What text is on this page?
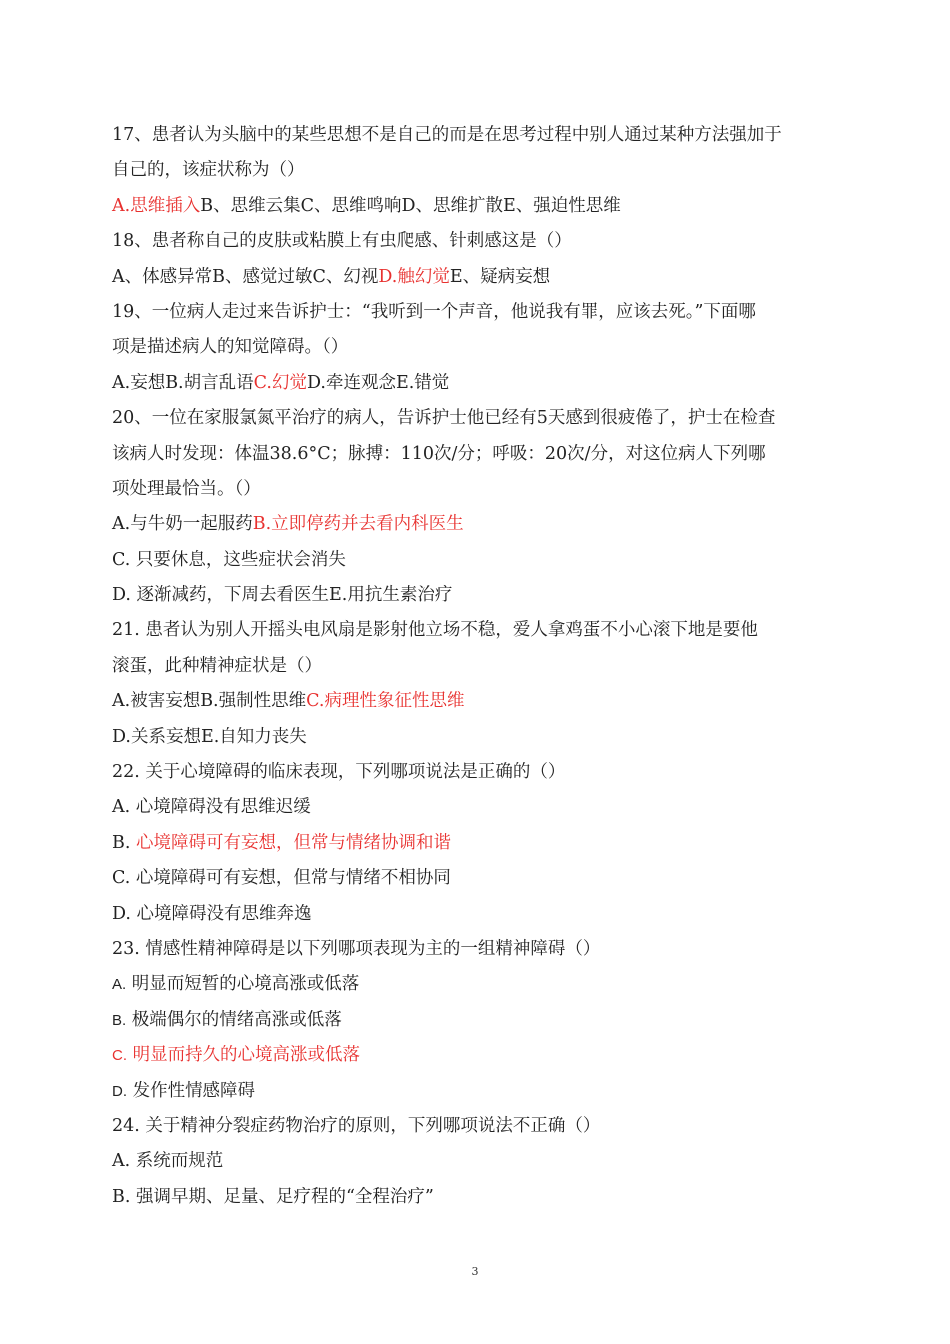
17、患者认为头脑中的某些思想不是自己的而是在思考过程中别人通过某种方法强加于
自己的，该症状称为（）
A.思维插入B、思维云集C、思维鸣响D、思维扩散E、强迫性思维
18、患者称自己的皮肤或粘膜上有虫爬感、针刺感这是（）
A、体感异常B、感觉过敏C、幻视D.触幻觉E、疑病妄想
19、一位病人走过来告诉护士：“我听到一个声音，他说我有罪，应该去死。”下面哪
项是描述病人的知觉障碍。（）
A.妄想B.胡言乱语C.幻觉D.牵连观念E.错觉
20、一位在家服氯氮平治疗的病人，告诉护士他已经有5天感到很疲倦了，护士在检查
该病人时发现：体温38.6°C；脉搏：110次/分；呼吸：20次/分，对这位病人下列哪
项处理最恰当。（）
A.与牛奶一起服药B.立即停药并去看内科医生
C. 只要休息，这些症状会消失
D. 逐渐减药，下周去看医生E.用抗生素治疗
21. 患者认为别人开摇头电风扇是影射他立场不稳，爱人拿鸡蛋不小心滚下地是要他
滚蛋，此种精神症状是（）
A.被害妄想B.强制性思维C.病理性象征性思维
D.关系妄想E.自知力丧失
22. 关于心境障碍的临床表现，下列哪项说法是正确的（）
A. 心境障碍没有思维迟缓
B. 心境障碍可有妄想，但常与情绪协调和谐
C. 心境障碍可有妄想，但常与情绪不相协同
D. 心境障碍没有思维奔逸
23. 情感性精神障碍是以下列哪项表现为主的一组精神障碍（）
A. 明显而短暂的心境高涨或低落
B. 极端偶尔的情绪高涨或低落
C. 明显而持久的心境高涨或低落
D. 发作性情感障碍
24. 关于精神分裂症药物治疗的原则，下列哪项说法不正确（）
A. 系统而规范
B. 强调早期、足量、足疗程的“全程治疗”
3
